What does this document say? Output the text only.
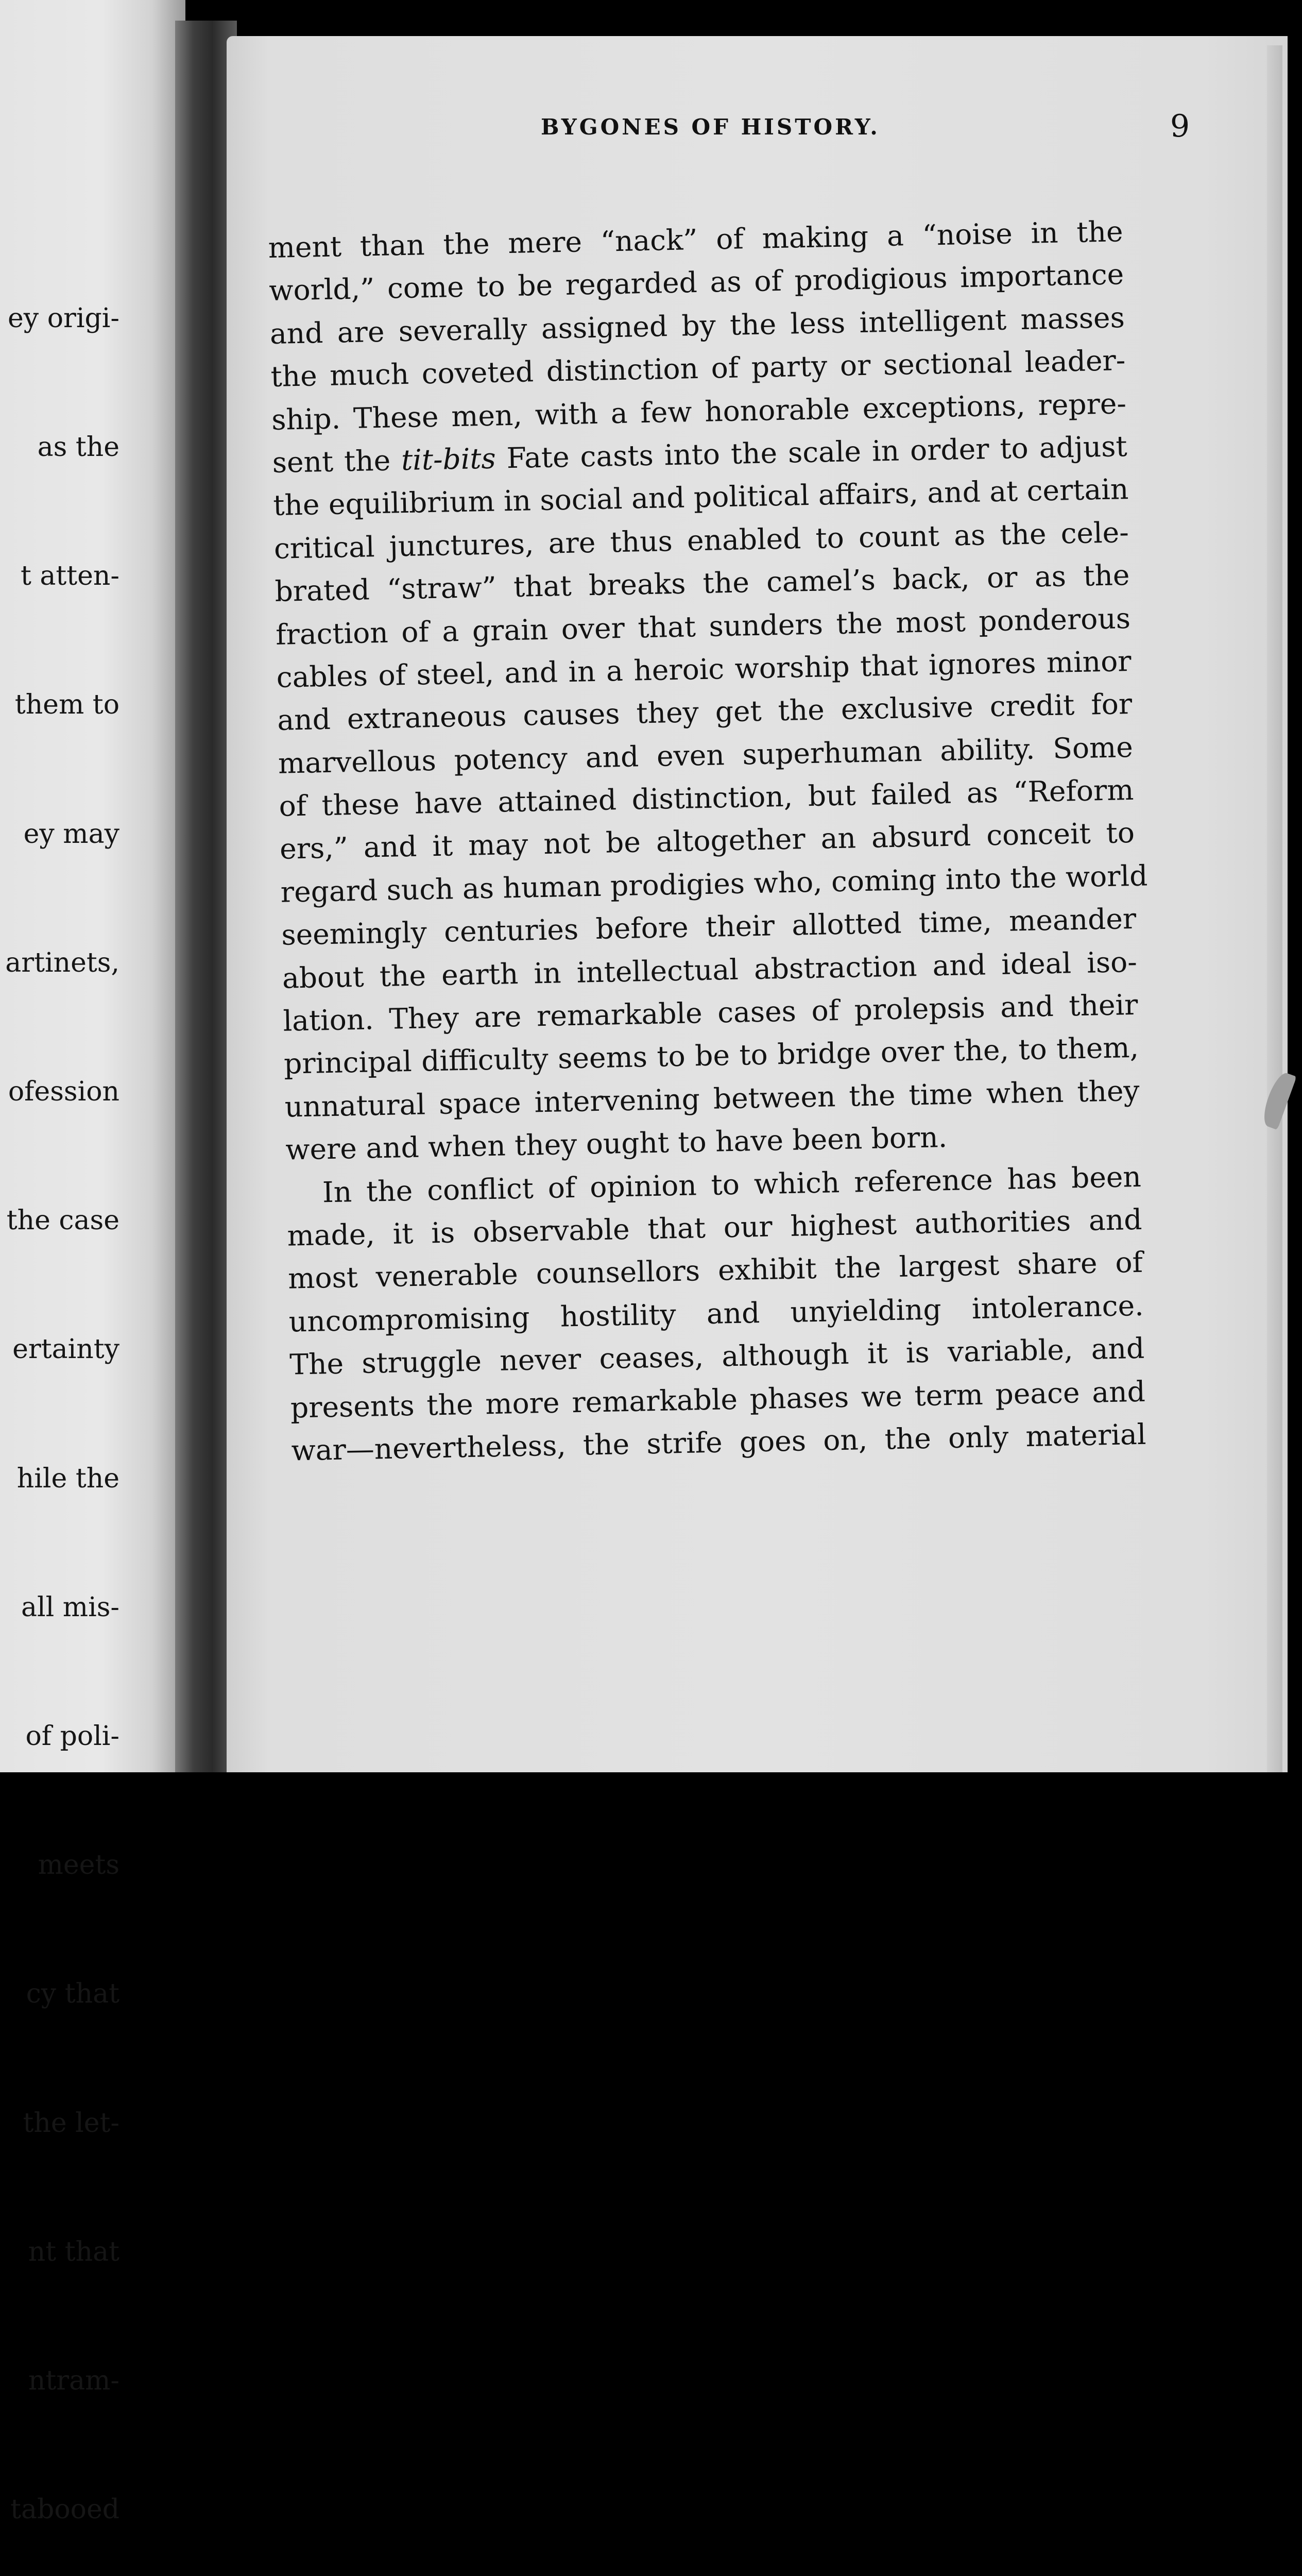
ey origi-

as the

t atten-

them to

ey may

artinets,

ofession

the case

ertainty

hile the

all mis-

of poli-

meets

cy that

the let-

nt that

ntram-

tabooed

BYGONES OF HISTORY.	9
ment than the mere “nack” of making a “noise in the
world,” come to be regarded as of prodigious importance
and are severally assigned by the less intelligent masses
the much coveted distinction of party or sectional leader-
ship. These men, with a few honorable exceptions, repre-
sent the tit-bits Fate casts into the scale in order to adjust
the equilibrium in social and political affairs, and at certain
critical junctures, are thus enabled to count as the cele-
brated “straw” that breaks the camel’s back, or as the
fraction of a grain over that sunders the most ponderous
cables of steel, and in a heroic worship that ignores minor
and extraneous causes they get the exclusive credit for
marvellous potency and even superhuman ability. Some
of these have attained distinction, but failed as “Reform
ers,” and it may not be altogether an absurd conceit to
regard such as human prodigies who, coming into the world
seemingly centuries before their allotted time, meander
about the earth in intellectual abstraction and ideal iso-
lation. They are remarkable cases of prolepsis and their
principal difficulty seems to be to bridge over the, to them,
unnatural space intervening between the time when they
were and when they ought to have been born.
In the conflict of opinion to which reference has been
made, it is observable that our highest authorities and
most venerable counsellors exhibit the largest share of
uncompromising hostility and unyielding intolerance.
The struggle never ceases, although it is variable, and
presents the more remarkable phases we term peace and
war—nevertheless, the strife goes on, the only material
